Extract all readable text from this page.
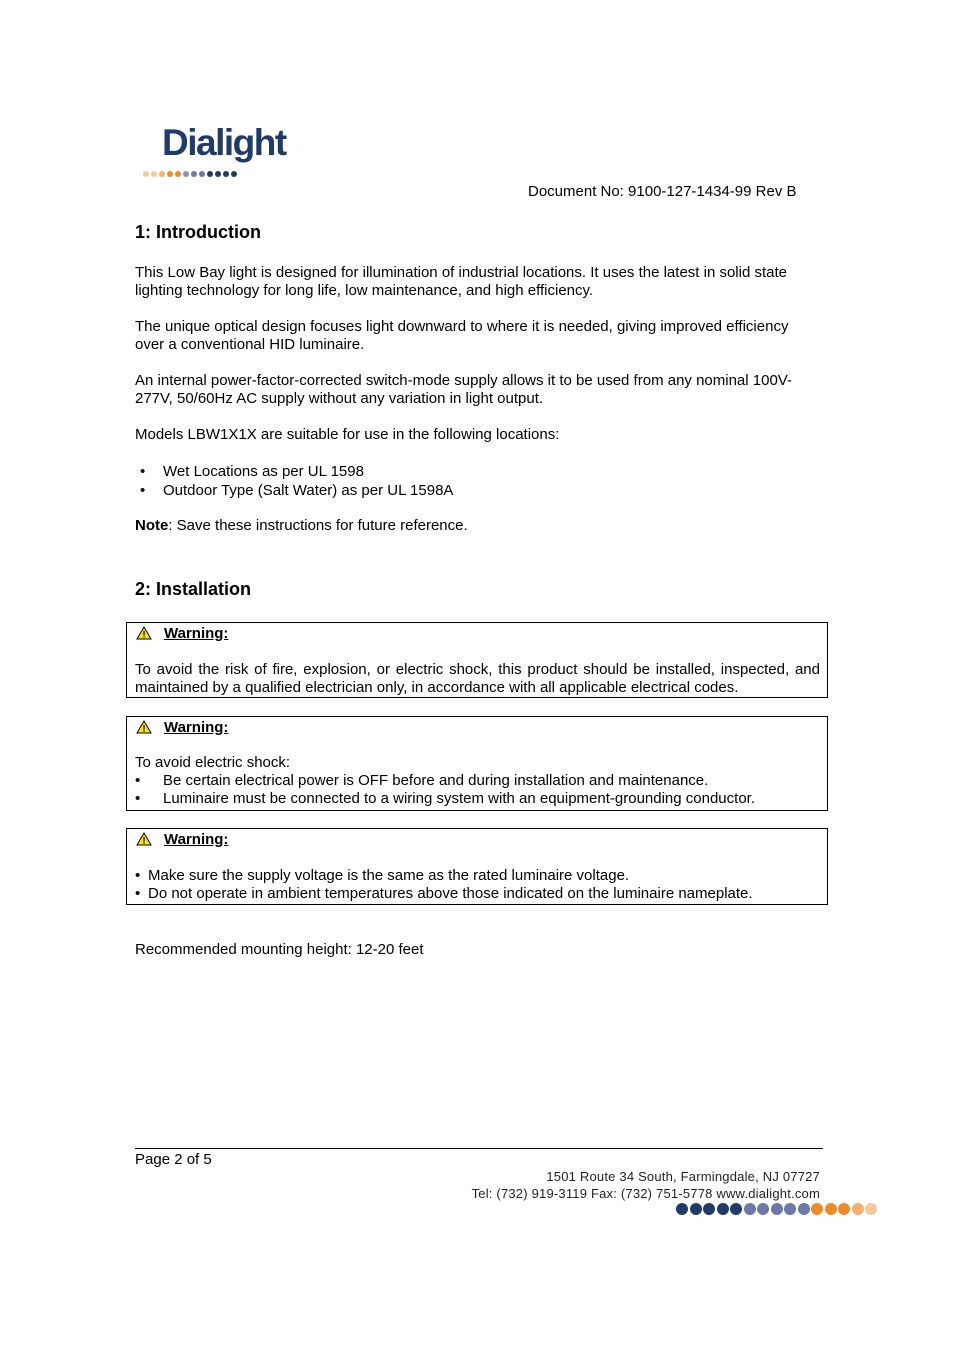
Dialight
Document No: 9100-127-1434-99 Rev B
1: Introduction

This Low Bay light is designed for illumination of industrial locations. It uses the latest in solid state lighting technology for long life, low maintenance, and high efficiency.

The unique optical design focuses light downward to where it is needed, giving improved efficiency over a conventional HID luminaire.

An internal power-factor-corrected switch-mode supply allows it to be used from any nominal 100V-277V, 50/60Hz AC supply without any variation in light output.

Models LBW1X1X are suitable for use in the following locations:

• Wet Locations as per UL 1598
• Outdoor Type (Salt Water) as per UL 1598A
Note: Save these instructions for future reference.
2: Installation
Warning:
To avoid the risk of fire, explosion, or electric shock, this product should be installed, inspected, and maintained by a qualified electrician only, in accordance with all applicable electrical codes.
Warning:
To avoid electric shock:
• Be certain electrical power is OFF before and during installation and maintenance.
• Luminaire must be connected to a wiring system with an equipment-grounding conductor.
Warning:
• Make sure the supply voltage is the same as the rated luminaire voltage.
• Do not operate in ambient temperatures above those indicated on the luminaire nameplate.
Recommended mounting height: 12-20 feet
Page 2 of 5
1501 Route 34 South, Farmingdale, NJ 07727
Tel: (732) 919-3119 Fax: (732) 751-5778 www.dialight.com
